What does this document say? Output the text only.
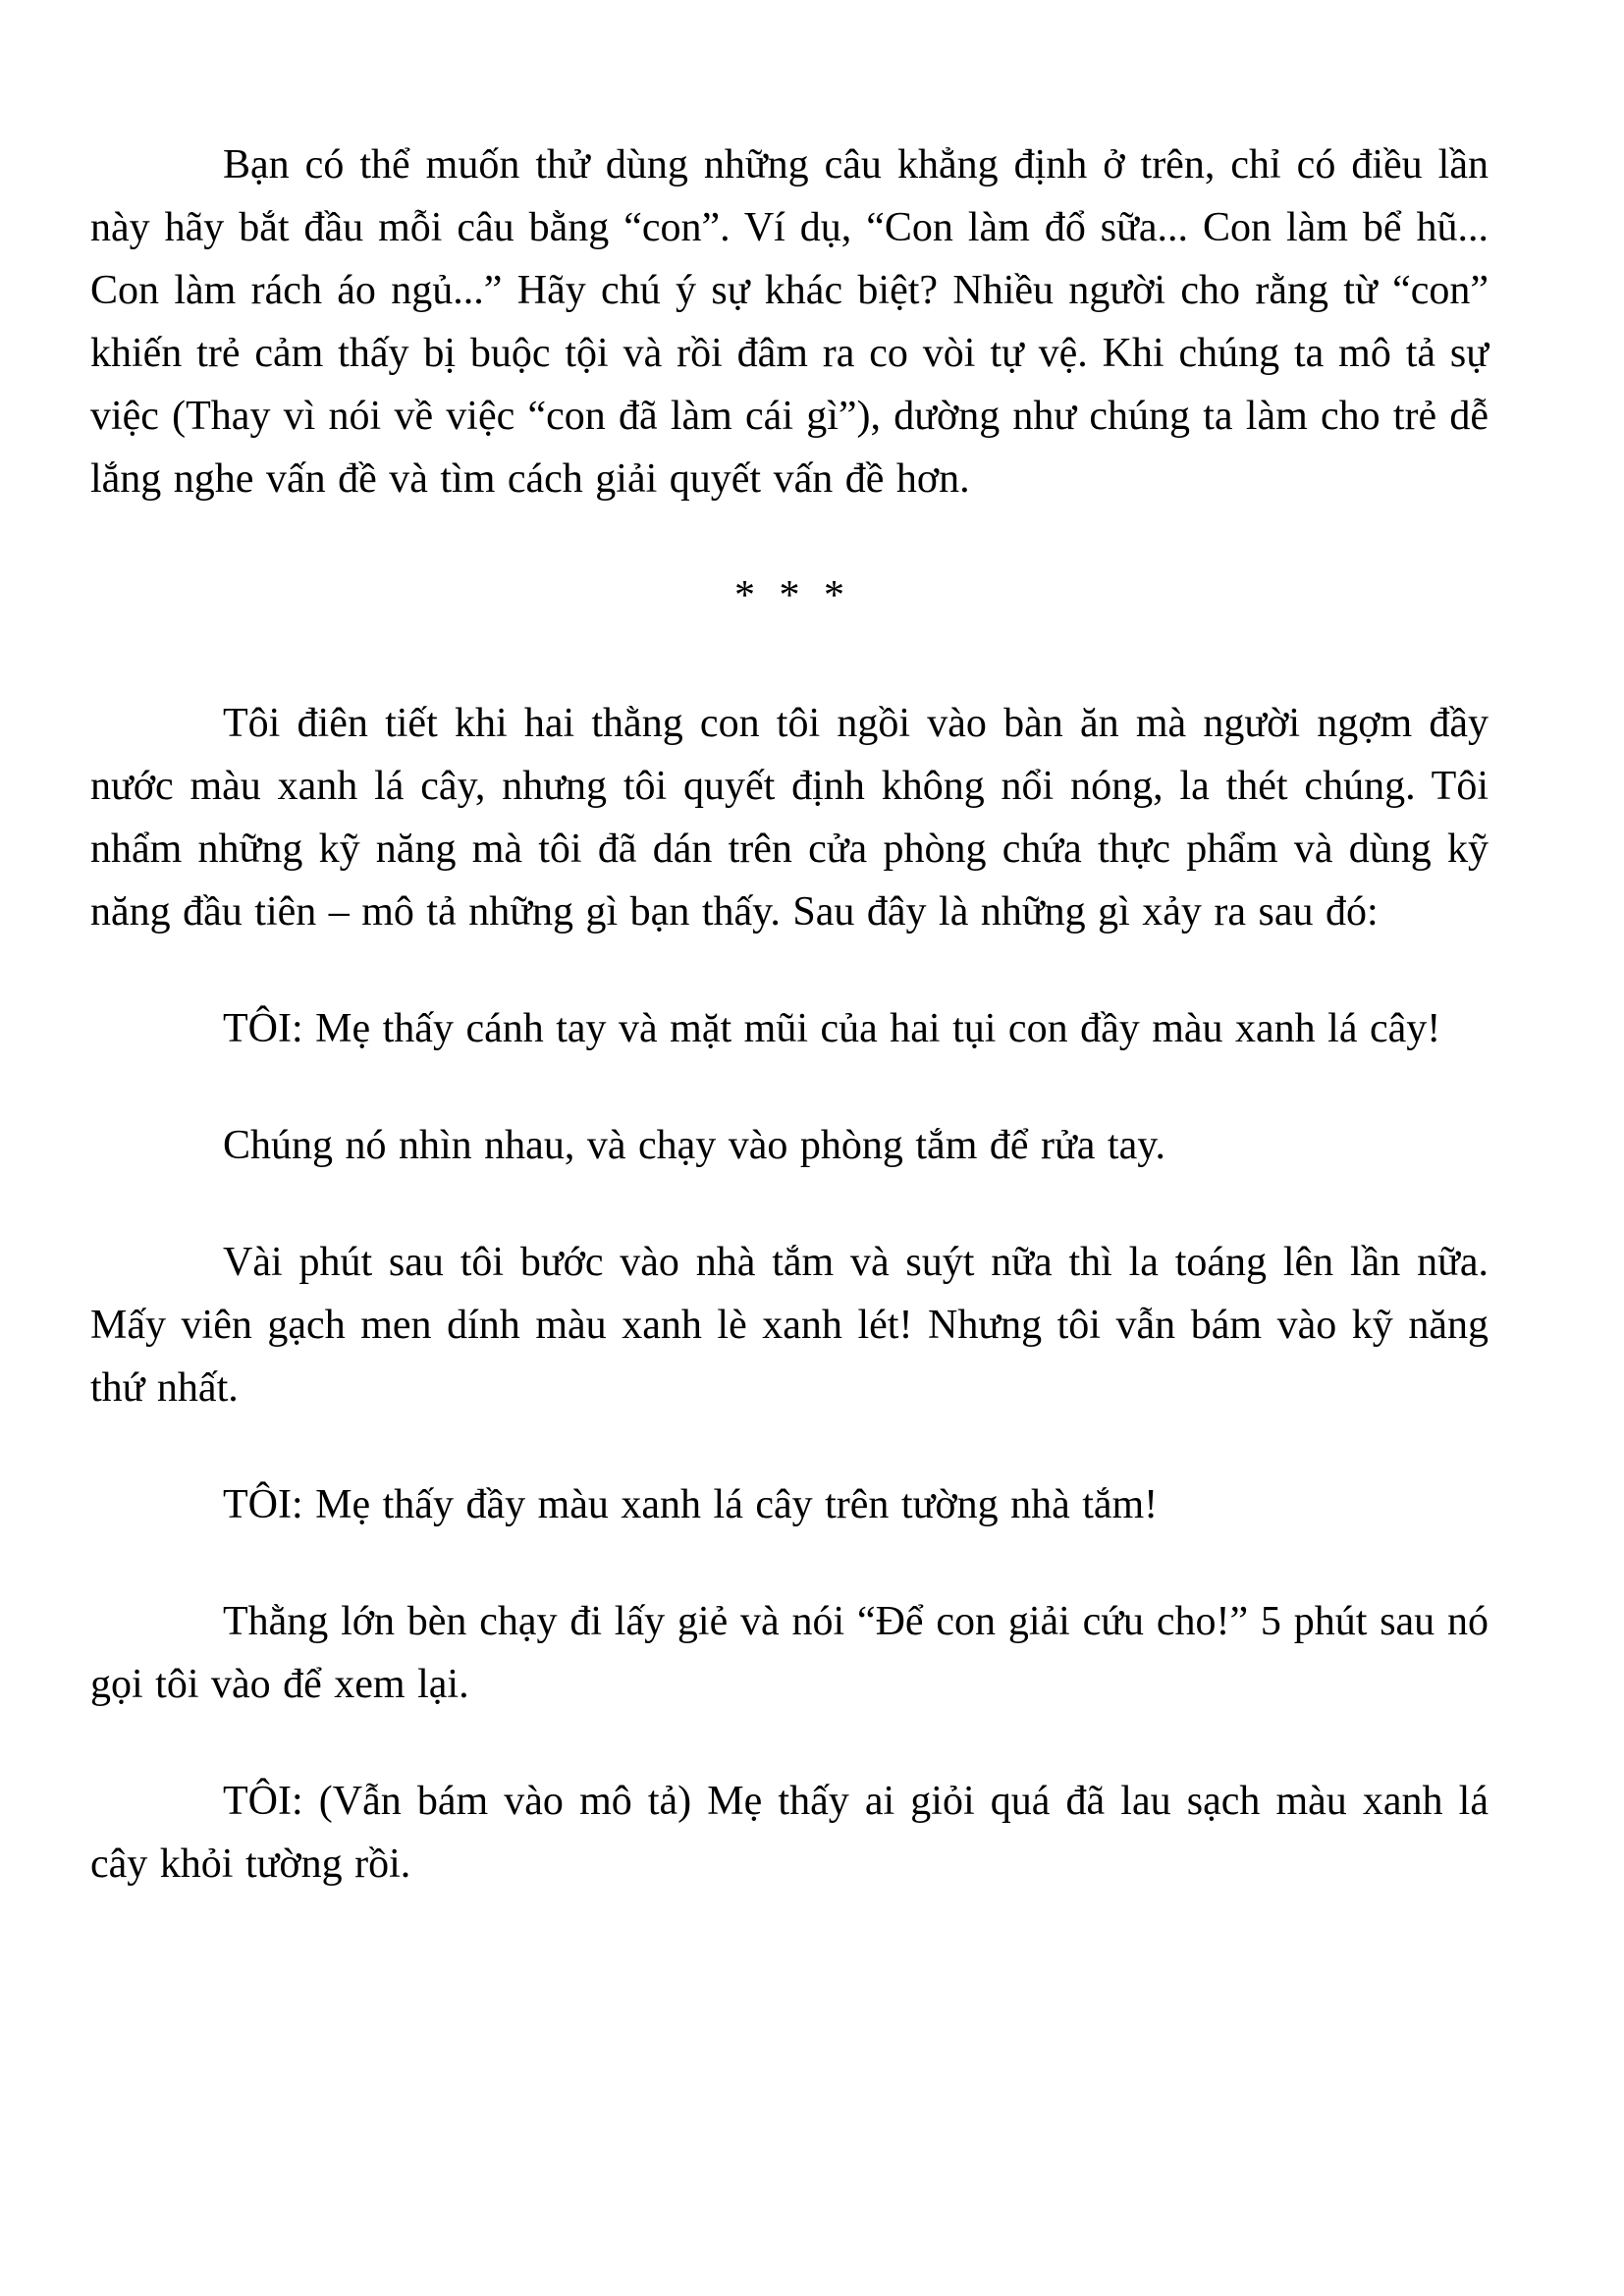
Bạn có thể muốn thử dùng những câu khẳng định ở trên, chỉ có điều lần này hãy bắt đầu mỗi câu bằng “con”. Ví dụ, “Con làm đổ sữa... Con làm bể hũ... Con làm rách áo ngủ...” Hãy chú ý sự khác biệt? Nhiều người cho rằng từ “con” khiến trẻ cảm thấy bị buộc tội và rồi đâm ra co vòi tự vệ. Khi chúng ta mô tả sự việc (Thay vì nói về việc “con đã làm cái gì”), dường như chúng ta làm cho trẻ dễ lắng nghe vấn đề và tìm cách giải quyết vấn đề hơn.

* * *

Tôi điên tiết khi hai thằng con tôi ngồi vào bàn ăn mà người ngợm đầy nước màu xanh lá cây, nhưng tôi quyết định không nổi nóng, la thét chúng. Tôi nhẩm những kỹ năng mà tôi đã dán trên cửa phòng chứa thực phẩm và dùng kỹ năng đầu tiên – mô tả những gì bạn thấy. Sau đây là những gì xảy ra sau đó:

TÔI: Mẹ thấy cánh tay và mặt mũi của hai tụi con đầy màu xanh lá cây!

Chúng nó nhìn nhau, và chạy vào phòng tắm để rửa tay.

Vài phút sau tôi bước vào nhà tắm và suýt nữa thì la toáng lên lần nữa. Mấy viên gạch men dính màu xanh lè xanh lét! Nhưng tôi vẫn bám vào kỹ năng thứ nhất.

TÔI: Mẹ thấy đầy màu xanh lá cây trên tường nhà tắm!

Thằng lớn bèn chạy đi lấy giẻ và nói “Để con giải cứu cho!” 5 phút sau nó gọi tôi vào để xem lại.

TÔI: (Vẫn bám vào mô tả) Mẹ thấy ai giỏi quá đã lau sạch màu xanh lá cây khỏi tường rồi.
